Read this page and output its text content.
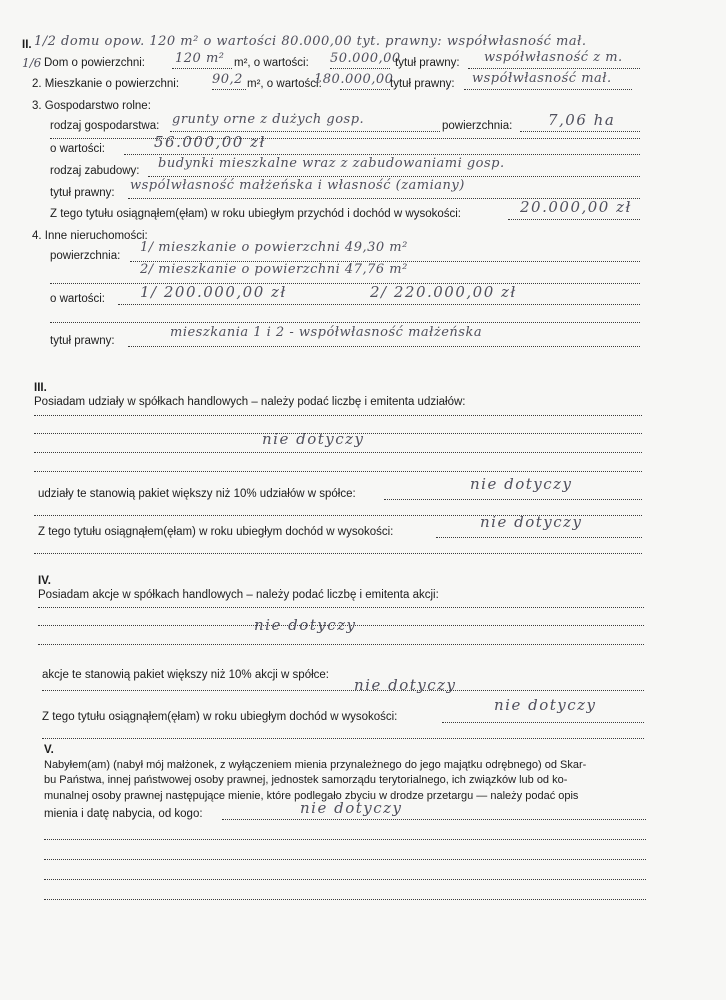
II. 1/2 domu opow. 120 m² o wartości 80.000,00 tyt. prawny: współwłasność mał.
1/6 Dom o powierzchni: 120 m² m², o wartości: 50.000,00
tytuł prawny: współwłasność z m.
2. Mieszkanie o powierzchni:	90,2 m², o wartości:
180.000,00
tytuł prawny: współwłasność mał.
3. Gospodarstwo rolne:
rodzaj gospodarstwa: grunty orne z dużych gosp.	powierzchnia: 7,06 ha
o wartości:	56.000,00 zł
rodzaj zabudowy: budynki mieszkalne wraz z zabudowaniami gosp.
tytuł prawny: wspólwłasność małżeńska i własność (zamiany)
Z tego tytułu osiągnąłem(ęłam) w roku ubiegłym przychód i dochód w wysokości:	20.000,00 zł
4. Inne nieruchomości:
powierzchnia:
1/ mieszkanie o powierzchni 49,30 m²
2/ mieszkanie o powierzchni 47,76 m²
o wartości: 1/ 200.000,00 zł	2/ 220.000,00 zł
tytuł prawny:
mieszkania 1 i 2 - współwłasność małżeńska
III.
Posiadam udziały w spółkach handlowych – należy podać liczbę i emitenta udziałów:
nie dotyczy
udziały te stanowią pakiet większy niż 10% udziałów w spółce:
nie dotyczy
Z tego tytułu osiągnąłem(ęłam) w roku ubiegłym dochód w wysokości:
nie dotyczy
IV.
Posiadam akcje w spółkach handlowych – należy podać liczbę i emitenta akcji:
nie dotyczy
akcje te stanowią pakiet większy niż 10% akcji w spółce:
nie dotyczy
Z tego tytułu osiągnąłem(ęłam) w roku ubiegłym dochód w wysokości:
nie dotyczy
V.
Nabyłem(am) (nabył mój małżonek, z wyłączeniem mienia przynależnego do jego majątku odrębnego) od Skar-
bu Państwa, innej państwowej osoby prawnej, jednostek samorządu terytorialnego, ich związków lub od ko-
munalnej osoby prawnej następujące mienie, które podlegało zbyciu w drodze przetargu — należy podać opis
mienia i datę nabycia, od kogo:	nie dotyczy
